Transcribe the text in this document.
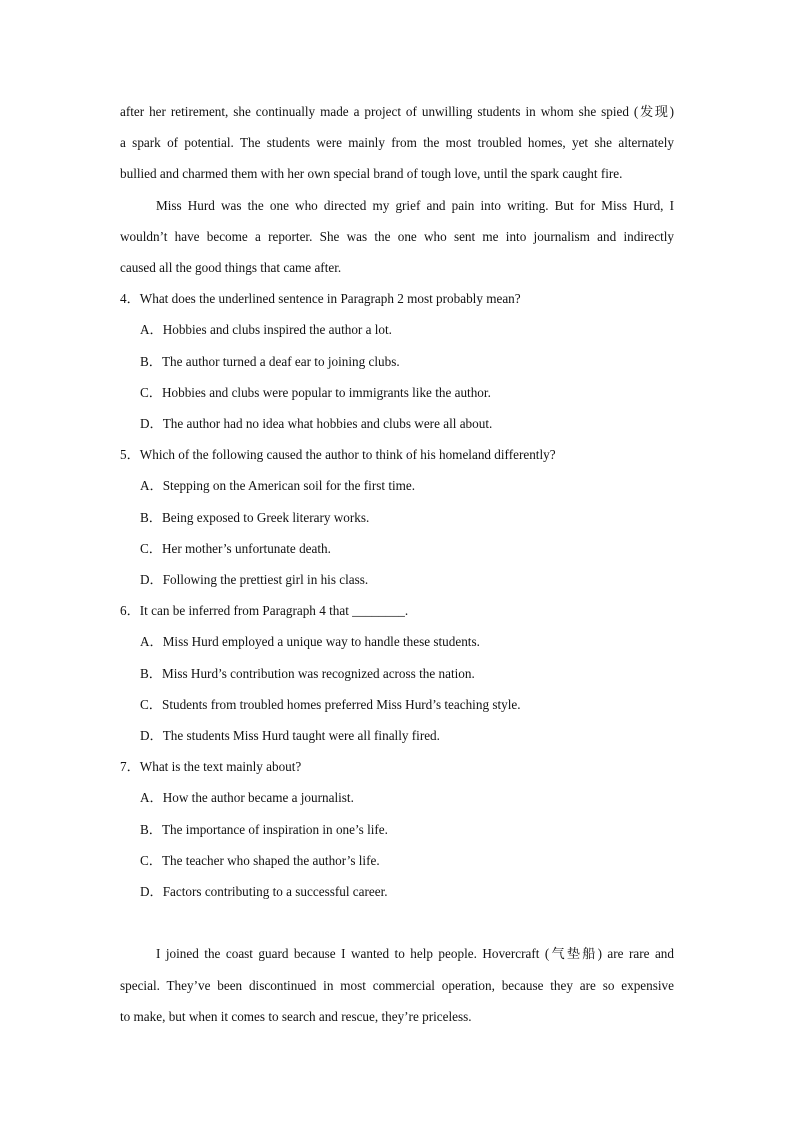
after her retirement, she continually made a project of unwilling students in whom she spied (发现)

a spark of potential. The students were mainly from the most troubled homes, yet she alternately

bullied and charmed them with her own special brand of tough love, until the spark caught fire.

Miss Hurd was the one who directed my grief and pain into writing. But for Miss Hurd, I

wouldn’t have become a reporter. She was the one who sent me into journalism and indirectly

caused all the good things that came after.

4．What does the underlined sentence in Paragraph 2 most probably mean?

A．Hobbies and clubs inspired the author a lot.

B．The author turned a deaf ear to joining clubs.

C．Hobbies and clubs were popular to immigrants like the author.

D．The author had no idea what hobbies and clubs were all about.

5．Which of the following caused the author to think of his homeland differently?

A．Stepping on the American soil for the first time.

B．Being exposed to Greek literary works.

C．Her mother’s unfortunate death.

D．Following the prettiest girl in his class.

6．It can be inferred from Paragraph 4 that ________.

A．Miss Hurd employed a unique way to handle these students.

B．Miss Hurd’s contribution was recognized across the nation.

C．Students from troubled homes preferred Miss Hurd’s teaching style.

D．The students Miss Hurd taught were all finally fired.

7．What is the text mainly about?

A．How the author became a journalist.

B．The importance of inspiration in one’s life.

C．The teacher who shaped the author’s life.

D．Factors contributing to a successful career.

I joined the coast guard because I wanted to help people. Hovercraft (气垫船) are rare and

special. They’ve been discontinued in most commercial operation, because they are so expensive

to make, but when it comes to search and rescue, they’re priceless.
